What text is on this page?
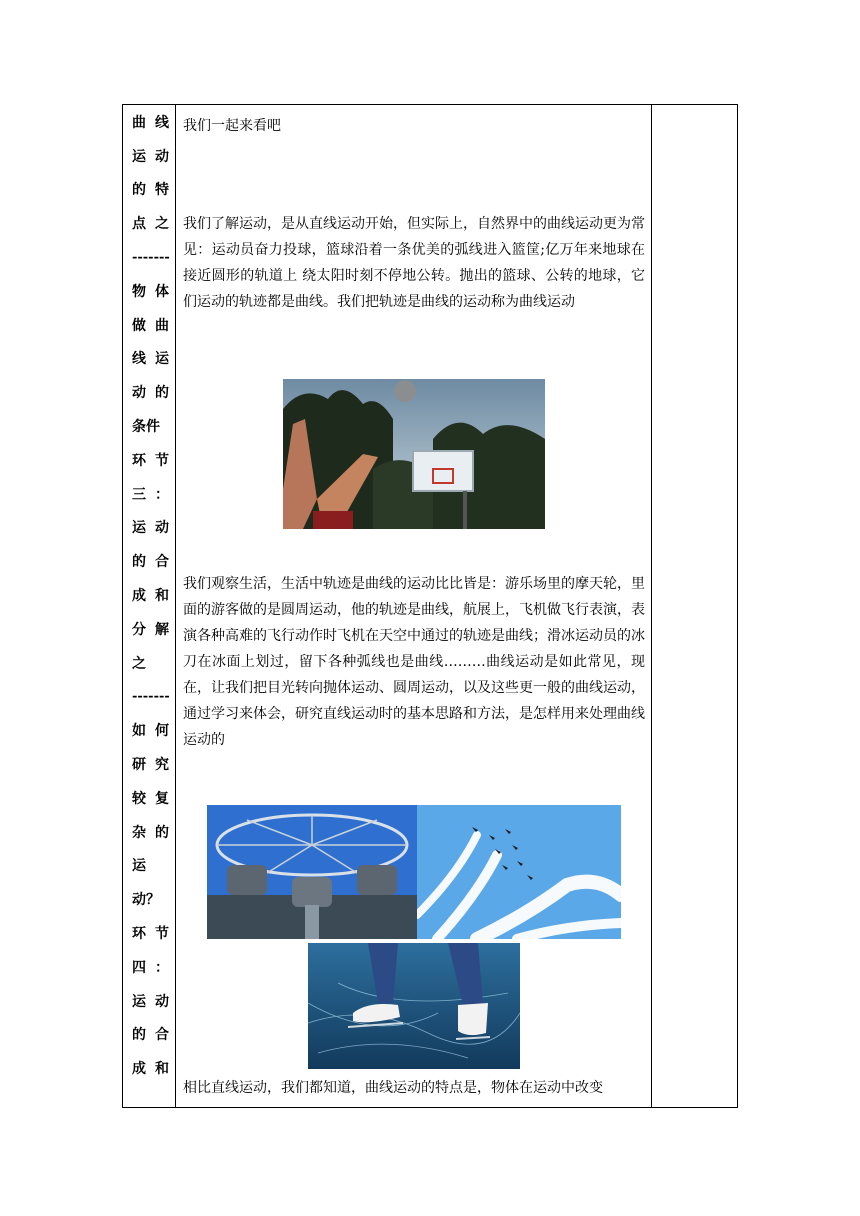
曲 线
运 动
的 特
点 之
-------
物 体
做 曲
线 运
动 的
条件
环 节
三 ：
运 动
的 合
成 和
分 解
之
-------
如 何
研 究
较 复
杂 的
运
动？
环 节
四 ：
运 动
的 合
成 和

我们一起来看吧

我们了解运动，是从直线运动开始，但实际上，自然界中的曲线运动更为常见：运动员奋力投球，篮球沿着一条优美的弧线进入篮筐;亿万年来地球在接近圆形的轨道上 绕太阳时刻不停地公转。抛出的篮球、公转的地球，它们运动的轨迹都是曲线。我们把轨迹是曲线的运动称为曲线运动

我们观察生活，生活中轨迹是曲线的运动比比皆是：游乐场里的摩天轮，里面的游客做的是圆周运动，他的轨迹是曲线，航展上，飞机做飞行表演，表演各种高难的飞行动作时飞机在天空中通过的轨迹是曲线；滑冰运动员的冰刀在冰面上划过，留下各种弧线也是曲线………曲线运动是如此常见，现在，让我们把目光转向抛体运动、圆周运动，以及这些更一般的曲线运动，通过学习来体会，研究直线运动时的基本思路和方法，是怎样用来处理曲线运动的

相比直线运动，我们都知道，曲线运动的特点是，物体在运动中改变
